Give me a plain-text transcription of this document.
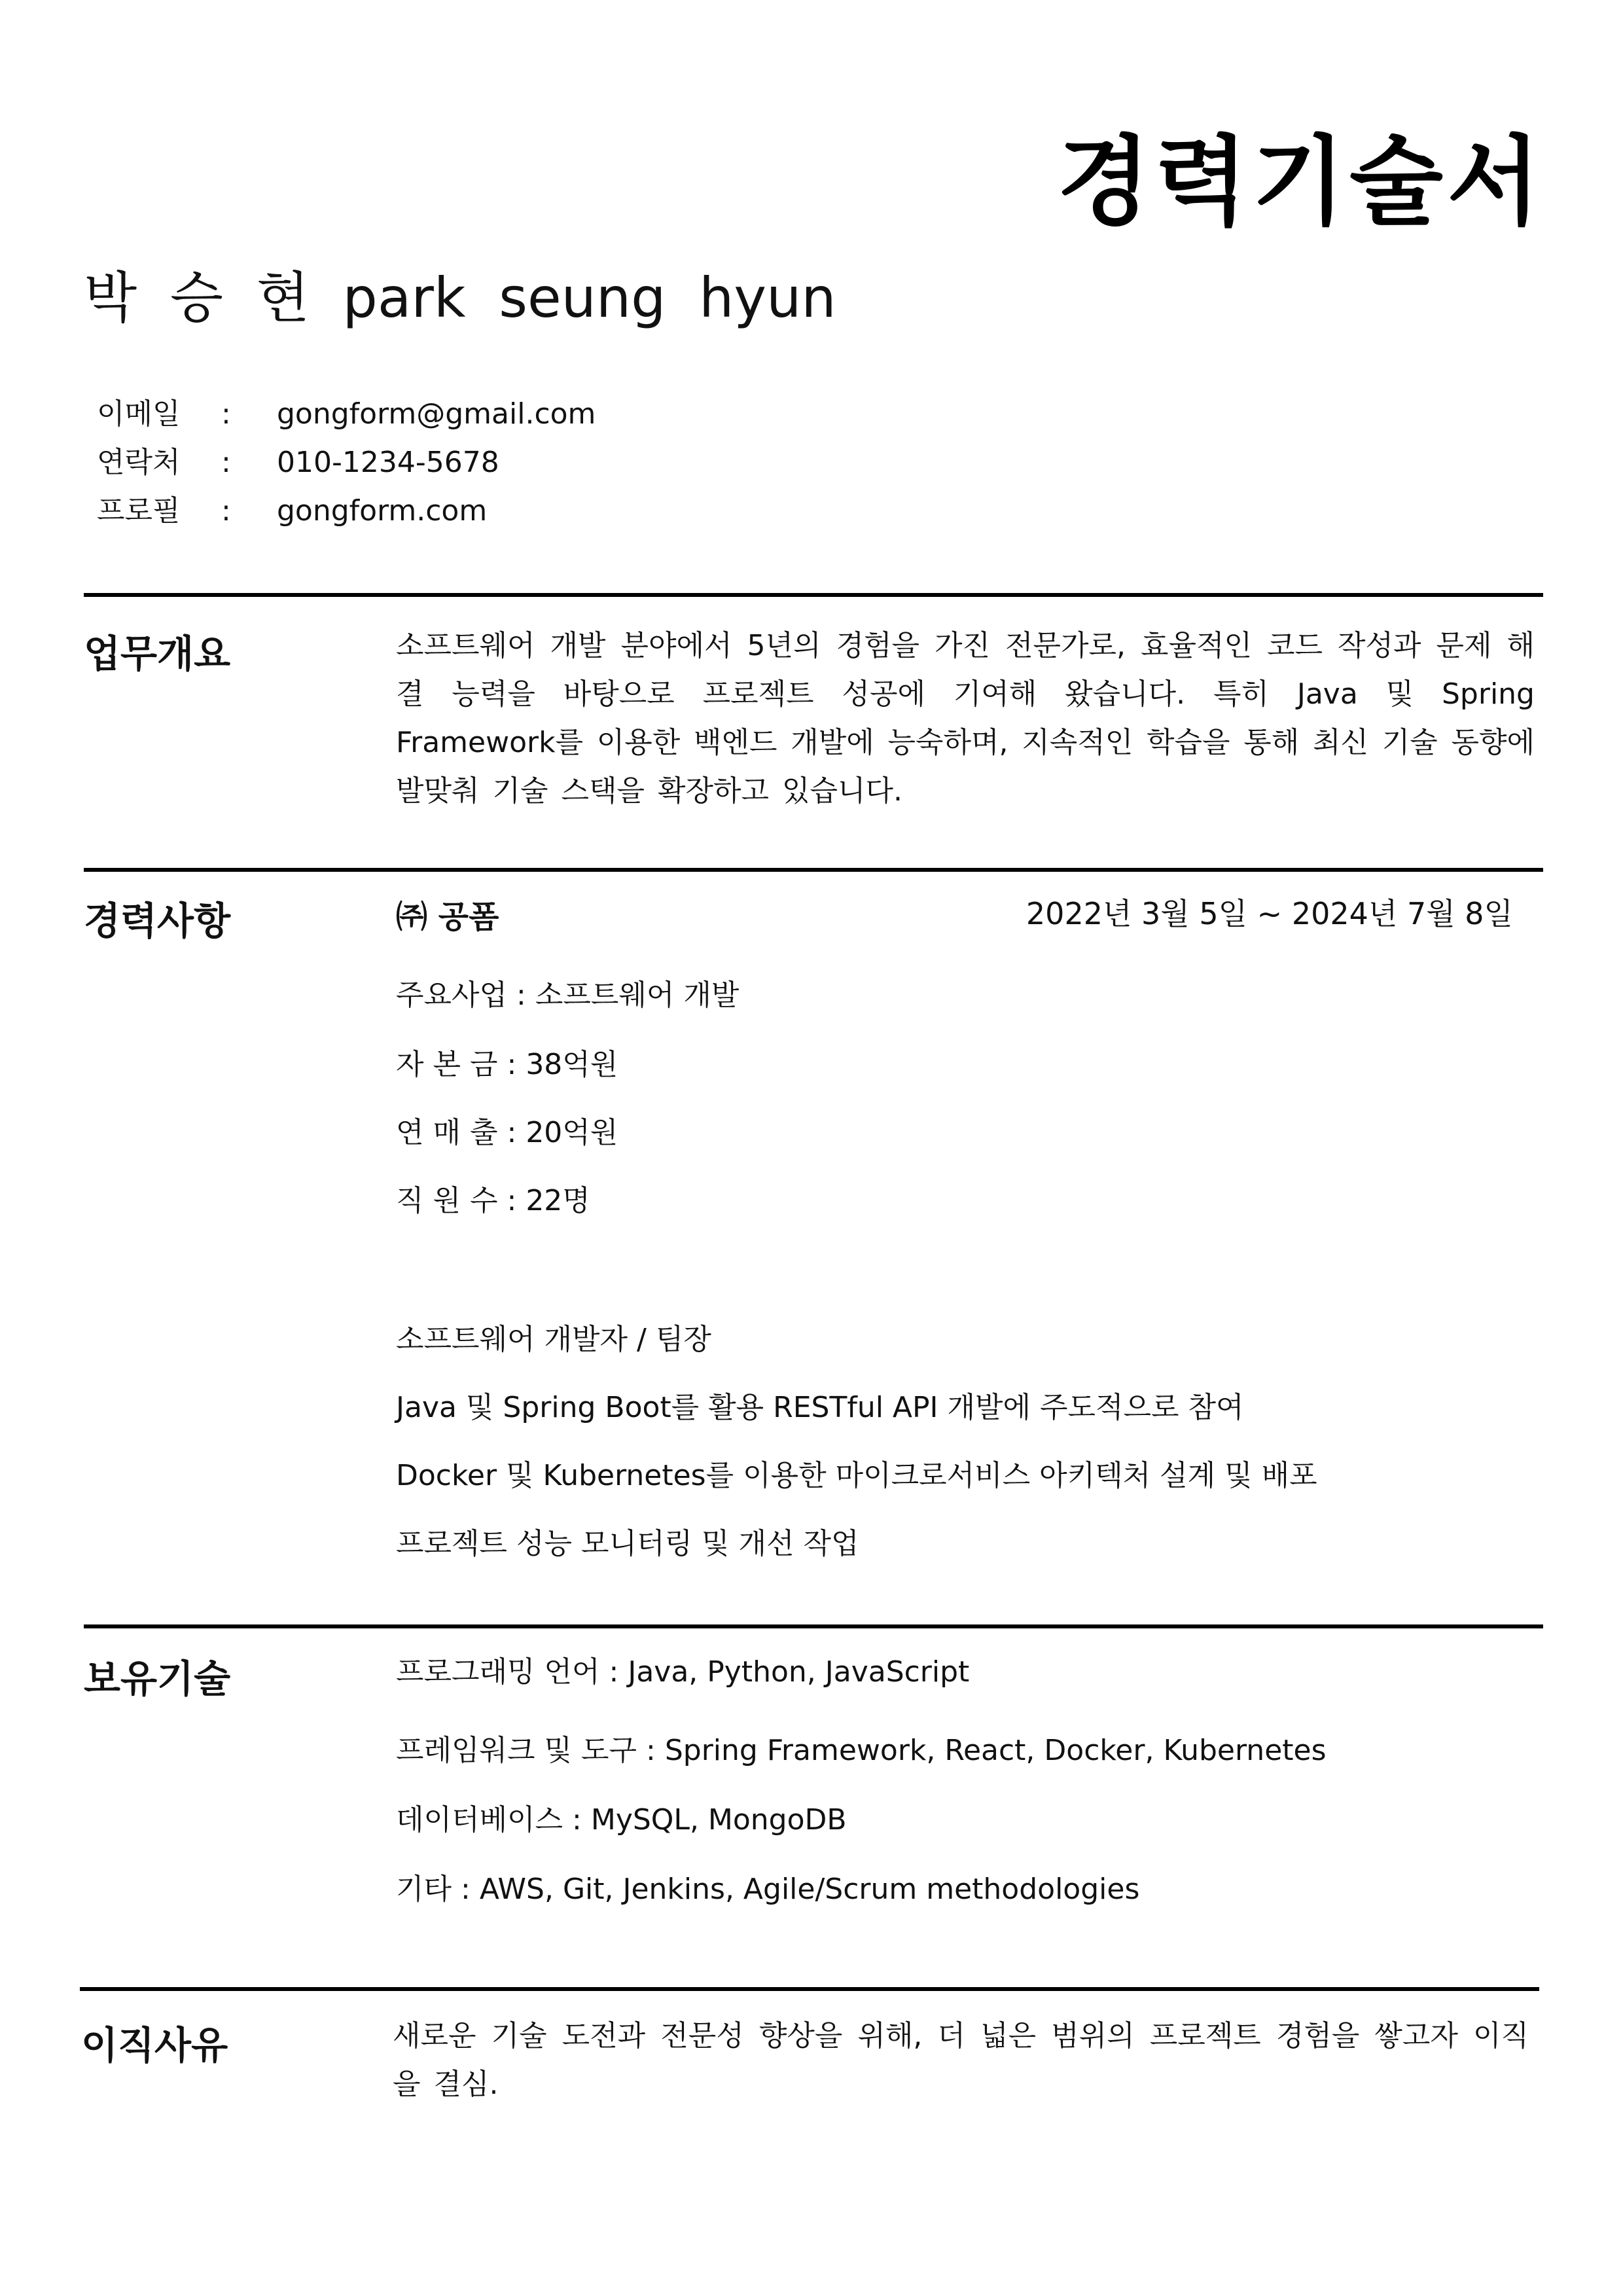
경력기술서
박 승 현 park seung hyun
이메일 : gongform@gmail.com
연락처 : 010-1234-5678
프로필 : gongform.com
업무개요	소프트웨어 개발 분야에서 5년의 경험을 가진 전문가로, 효율적인 코드 작성과 문제 해결 능력을 바탕으로 프로젝트 성공에 기여해 왔습니다. 특히 Java 및 Spring Framework를 이용한 백엔드 개발에 능숙하며, 지속적인 학습을 통해 최신 기술 동향에 발맞춰 기술 스택을 확장하고 있습니다.
경력사항	㈜ 공폼	2022년 3월 5일 ~ 2024년 7월 8일
주요사업 : 소프트웨어 개발
자 본 금 : 38억원
연 매 출 : 20억원
직 원 수 : 22명
소프트웨어 개발자 / 팀장
Java 및 Spring Boot를 활용 RESTful API 개발에 주도적으로 참여
Docker 및 Kubernetes를 이용한 마이크로서비스 아키텍처 설계 및 배포
프로젝트 성능 모니터링 및 개선 작업
보유기술	프로그래밍 언어 : Java, Python, JavaScript
프레임워크 및 도구 : Spring Framework, React, Docker, Kubernetes
데이터베이스 : MySQL, MongoDB
기타 : AWS, Git, Jenkins, Agile/Scrum methodologies
이직사유	새로운 기술 도전과 전문성 향상을 위해, 더 넓은 범위의 프로젝트 경험을 쌓고자 이직을 결심.
